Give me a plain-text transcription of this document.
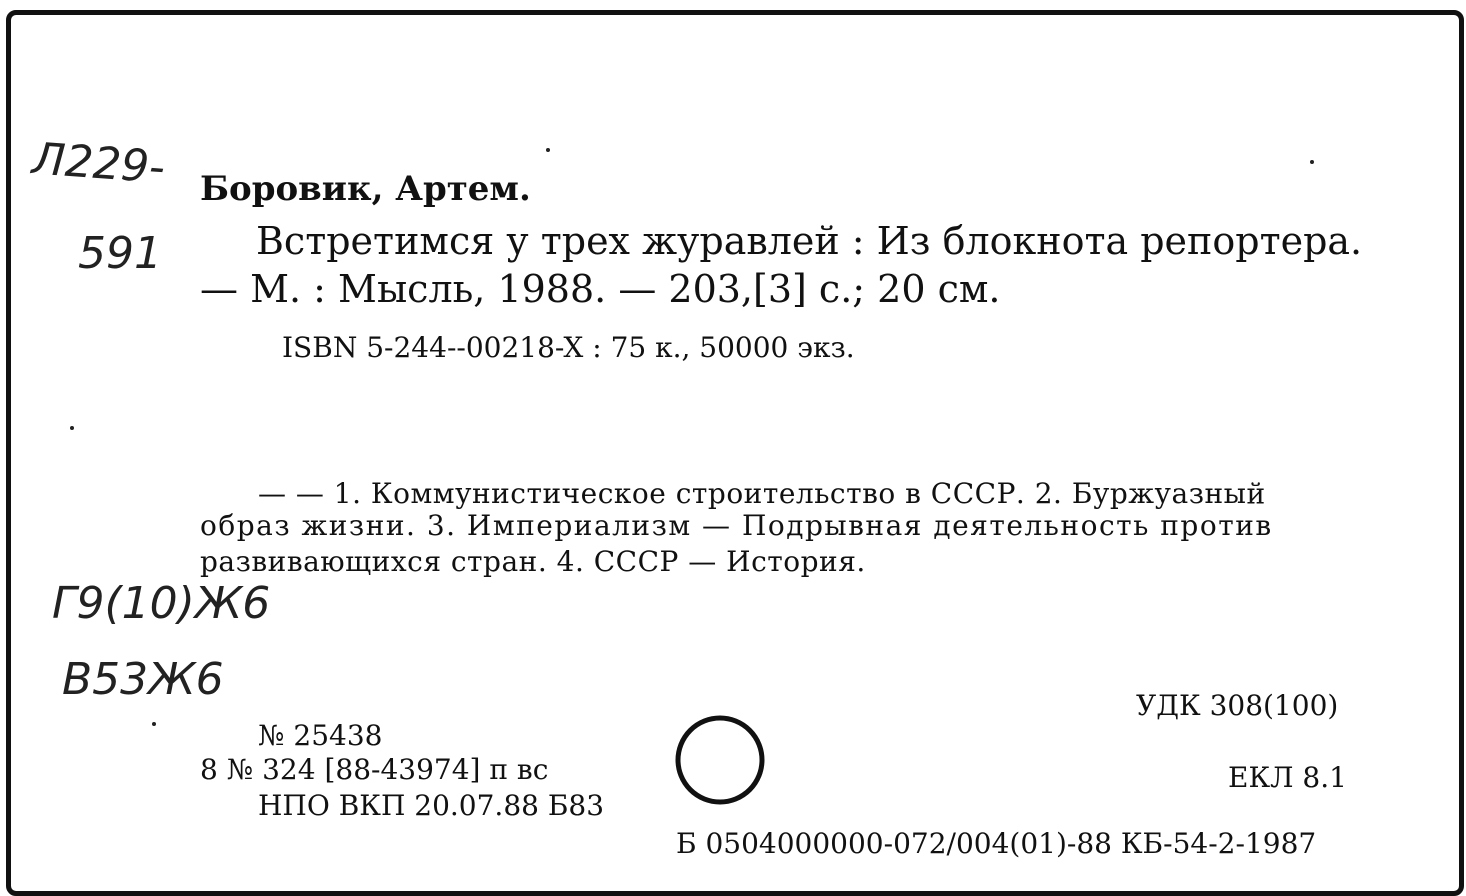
Л229-
591
Г9(10)Ж6
В53Ж6
Боровик, Артем.
Встретимся у трех журавлей : Из блокнота репортера.
— М. : Мысль, 1988. — 203,[3] с.; 20 см.
ISBN 5-244--00218-X : 75 к., 50000 экз.
— — 1. Коммунистическое строительство в СССР. 2. Буржуазный
образ жизни. 3. Империализм — Подрывная деятельность против
развивающихся стран. 4. СССР — История.
УДК 308(100)
№ 25438
8 № 324 [88-43974] п вс
НПО ВКП 20.07.88 Б83
ЕКЛ 8.1
Б 0504000000-072/004(01)-88 КБ-54-2-1987
